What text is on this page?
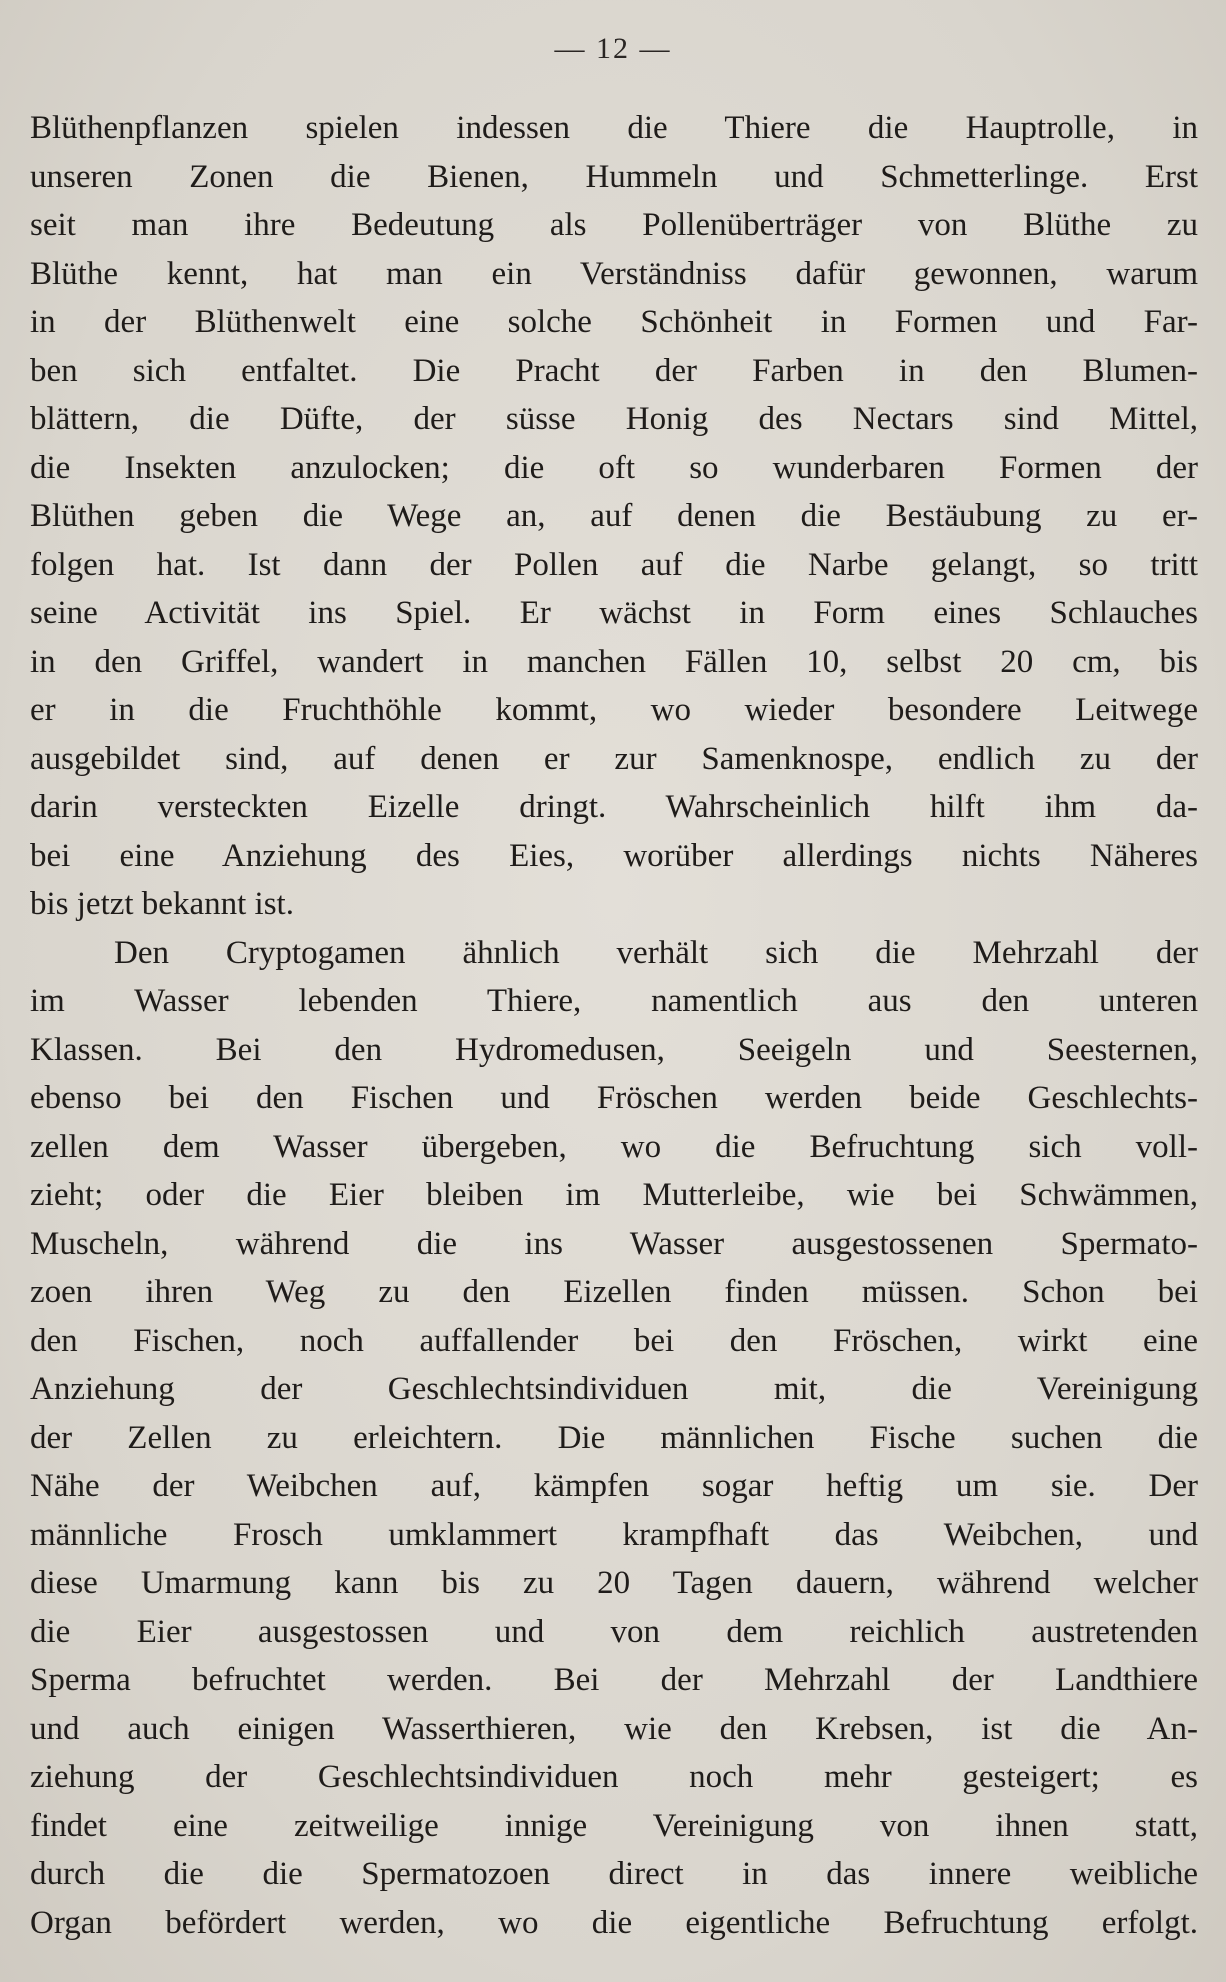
— 12 —
Blüthenpflanzen spielen indessen die Thiere die Hauptrolle, in
unseren Zonen die Bienen, Hummeln und Schmetterlinge. Erst
seit man ihre Bedeutung als Pollenüberträger von Blüthe zu
Blüthe kennt, hat man ein Verständniss dafür gewonnen, warum
in der Blüthenwelt eine solche Schönheit in Formen und Far-
ben sich entfaltet. Die Pracht der Farben in den Blumen-
blättern, die Düfte, der süsse Honig des Nectars sind Mittel,
die Insekten anzulocken; die oft so wunderbaren Formen der
Blüthen geben die Wege an, auf denen die Bestäubung zu er-
folgen hat. Ist dann der Pollen auf die Narbe gelangt, so tritt
seine Activität ins Spiel. Er wächst in Form eines Schlauches
in den Griffel, wandert in manchen Fällen 10, selbst 20 cm, bis
er in die Fruchthöhle kommt, wo wieder besondere Leitwege
ausgebildet sind, auf denen er zur Samenknospe, endlich zu der
darin versteckten Eizelle dringt. Wahrscheinlich hilft ihm da-
bei eine Anziehung des Eies, worüber allerdings nichts Näheres
bis jetzt bekannt ist.
Den Cryptogamen ähnlich verhält sich die Mehrzahl der
im Wasser lebenden Thiere, namentlich aus den unteren
Klassen. Bei den Hydromedusen, Seeigeln und Seesternen,
ebenso bei den Fischen und Fröschen werden beide Geschlechts-
zellen dem Wasser übergeben, wo die Befruchtung sich voll-
zieht; oder die Eier bleiben im Mutterleibe, wie bei Schwämmen,
Muscheln, während die ins Wasser ausgestossenen Spermato-
zoen ihren Weg zu den Eizellen finden müssen. Schon bei
den Fischen, noch auffallender bei den Fröschen, wirkt eine
Anziehung der Geschlechtsindividuen mit, die Vereinigung
der Zellen zu erleichtern. Die männlichen Fische suchen die
Nähe der Weibchen auf, kämpfen sogar heftig um sie. Der
männliche Frosch umklammert krampfhaft das Weibchen, und
diese Umarmung kann bis zu 20 Tagen dauern, während welcher
die Eier ausgestossen und von dem reichlich austretenden
Sperma befruchtet werden. Bei der Mehrzahl der Landthiere
und auch einigen Wasserthieren, wie den Krebsen, ist die An-
ziehung der Geschlechtsindividuen noch mehr gesteigert; es
findet eine zeitweilige innige Vereinigung von ihnen statt,
durch die die Spermatozoen direct in das innere weibliche
Organ befördert werden, wo die eigentliche Befruchtung erfolgt.
